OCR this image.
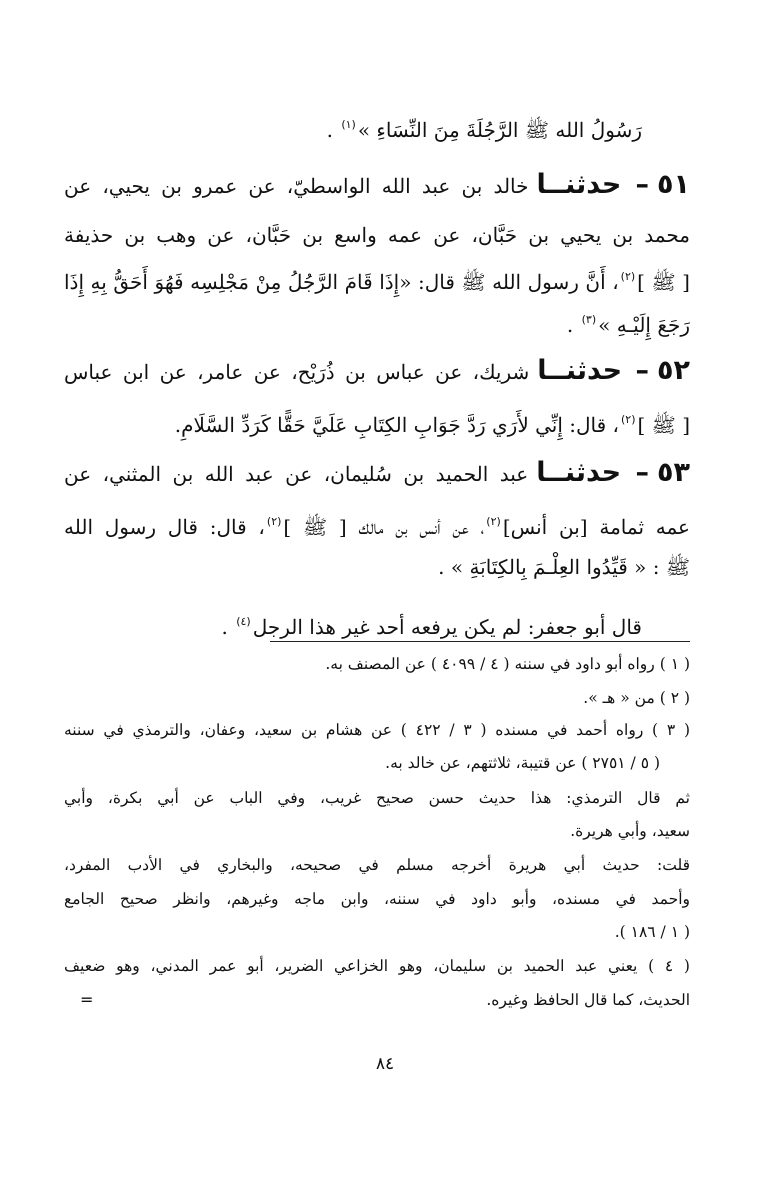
رَسُولُ الله ﷺ الرَّجُلَةَ مِنَ النِّسَاءِ »$^{(١)}$ .
٥١– حدثنــاخالد بن عبد الله الواسطيّ، عن عمرو بن يحيي، عن
محمد بن يحيي بن حَبَّان، عن عمه واسع بن حَبَّان، عن وهب بن حذيفة
[ ﷺ ]$^{(٢)}$، أَنَّ رسول الله ﷺ قال: «إِذَا قَامَ الرَّجُلُ مِنْ مَجْلِسِه فَهُوَ أَحَقُّ بِهِ إِذَا
رَجَعَ إِلَيْـهِ »$^{(٣)}$ .
٥٢– حدثنــاشريك، عن عباس بن ذُرَيْح، عن عامر، عن ابن عباس
[ ﷺ ]$^{(٢)}$، قال: إِنِّي لأَرَي رَدَّ جَوَابِ الكِتَابِ عَلَيَّ حَقًّا كَرَدِّ السَّلَامِ.
٥٣– حدثنــاعبد الحميد بن سُليمان، عن عبد الله بن المثني، عن
عمه ثمامة [بن أنس]$^{(٢)}$، عن أنس بن مالك [ ﷺ ]$^{(٢)}$، قال: قال رسول الله
ﷺ : « قَيِّدُوا العِلْـمَ بِالكِتَابَةِ » .
قال أبو جعفر: لم يكن يرفعه أحد غير هذا الرجل$^{(٤)}$ .
( ١ ) رواه أبو داود في سننه ( ٤ / ٤٠٩٩ ) عن المصنف به.
( ٢ ) من « هـ ».
( ٣ ) رواه أحمد في مسنده ( ٣ / ٤٢٢ ) عن هشام بن سعيد، وعفان، والترمذي في سننه
( ٥ / ٢٧٥١ ) عن قتيبة، ثلاثتهم، عن خالد به.
ثم قال الترمذي: هذا حديث حسن صحيح غريب، وفي الباب عن أبي بكرة، وأبي
سعيد، وأبي هريرة.
قلت: حديث أبي هريرة أخرجه مسلم في صحيحه، والبخاري في الأدب المفرد،
وأحمد في مسنده، وأبو داود في سننه، وابن ماجه وغيرهم، وانظر صحيح الجامع
( ١ / ١٨٦ ).
( ٤ ) يعني عبد الحميد بن سليمان، وهو الخزاعي الضرير، أبو عمر المدني، وهو ضعيف
الحديث، كما قال الحافظ وغيره.
=
٨٤
